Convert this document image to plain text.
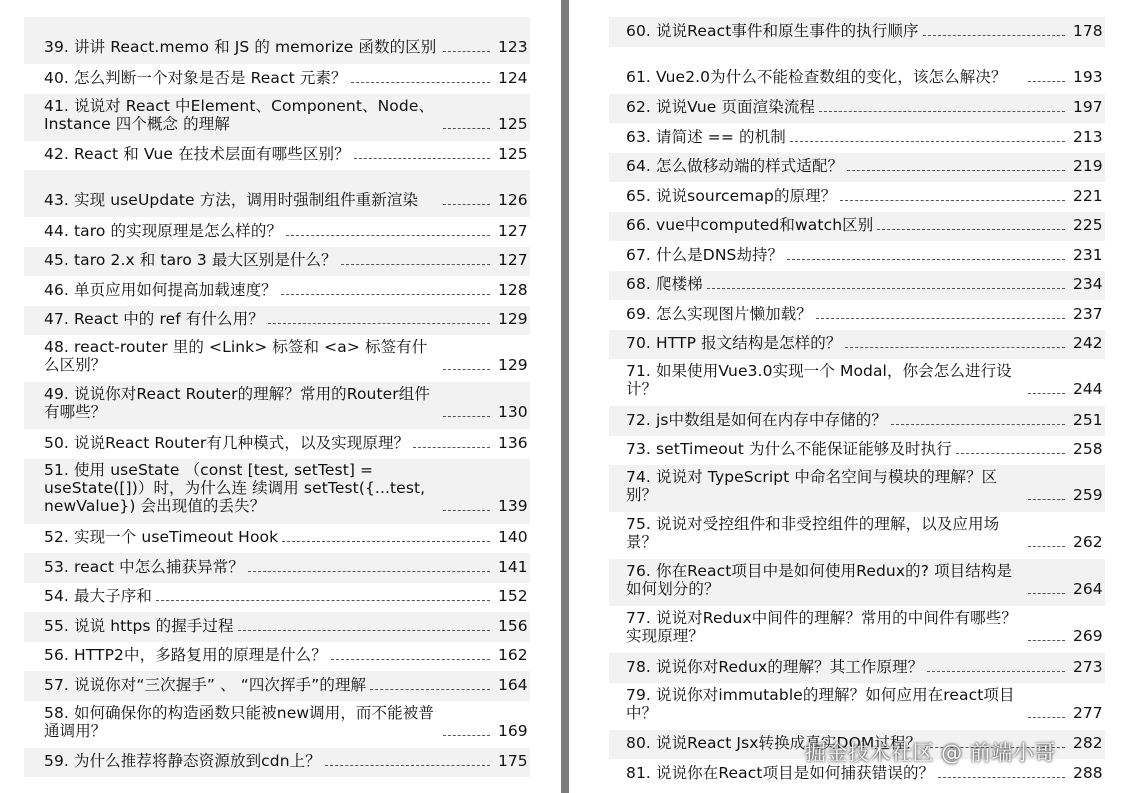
39. 讲讲 React.memo 和 JS 的 memorize 函数的区别	123
40. 怎么判断一个对象是否是 React 元素？	124
41. 说说对 React 中Element、Component、Node、Instance 四个概念 的理解	125
42. React 和 Vue 在技术层面有哪些区别？	125
43. 实现 useUpdate 方法，调用时强制组件重新渲染	126
44. taro 的实现原理是怎么样的？	127
45. taro 2.x 和 taro 3 最大区别是什么？	127
46. 单页应用如何提高加载速度？	128
47. React 中的 ref 有什么用？	129
48. react-router 里的 <Link> 标签和 <a> 标签有什么区别？	129
49. 说说你对React Router的理解？常用的Router组件有哪些？	130
50. 说说React Router有几种模式，以及实现原理？	136
51. 使用 useState （const [test, setTest] = useState([])）时，为什么连 续调用 setTest({...test, newValue}) 会出现值的丢失？	139
52. 实现一个 useTimeout Hook	140
53. react 中怎么捕获异常？	141
54. 最大子序和	152
55. 说说 https 的握手过程	156
56. HTTP2中，多路复用的原理是什么？	162
57. 说说你对“三次握手” 、 “四次挥手”的理解	164
58. 如何确保你的构造函数只能被new调用，而不能被普通调用？	169
59. 为什么推荐将静态资源放到cdn上？	175
60. 说说React事件和原生事件的执行顺序	178
61. Vue2.0为什么不能检查数组的变化，该怎么解决？	193
62. 说说Vue 页面渲染流程	197
63. 请简述 == 的机制	213
64. 怎么做移动端的样式适配？	219
65. 说说sourcemap的原理？	221
66. vue中computed和watch区别	225
67. 什么是DNS劫持？	231
68. 爬楼梯	234
69. 怎么实现图片懒加载？	237
70. HTTP 报文结构是怎样的？	242
71. 如果使用Vue3.0实现一个 Modal，你会怎么进行设计？	244
72. js中数组是如何在内存中存储的？	251
73. setTimeout 为什么不能保证能够及时执行	258
74. 说说对 TypeScript 中命名空间与模块的理解？区别？	259
75. 说说对受控组件和非受控组件的理解，以及应用场景？	262
76. 你在React项目中是如何使用Redux的? 项目结构是如何划分的？	264
77. 说说对Redux中间件的理解？常用的中间件有哪些？实现原理？	269
78. 说说你对Redux的理解？其工作原理？	273
79. 说说你对immutable的理解？如何应用在react项目中？	277
80. 说说React Jsx转换成真实DOM过程？	282
81. 说说你在React项目是如何捕获错误的？	288
掘金技术社区 @ 前端小哥
